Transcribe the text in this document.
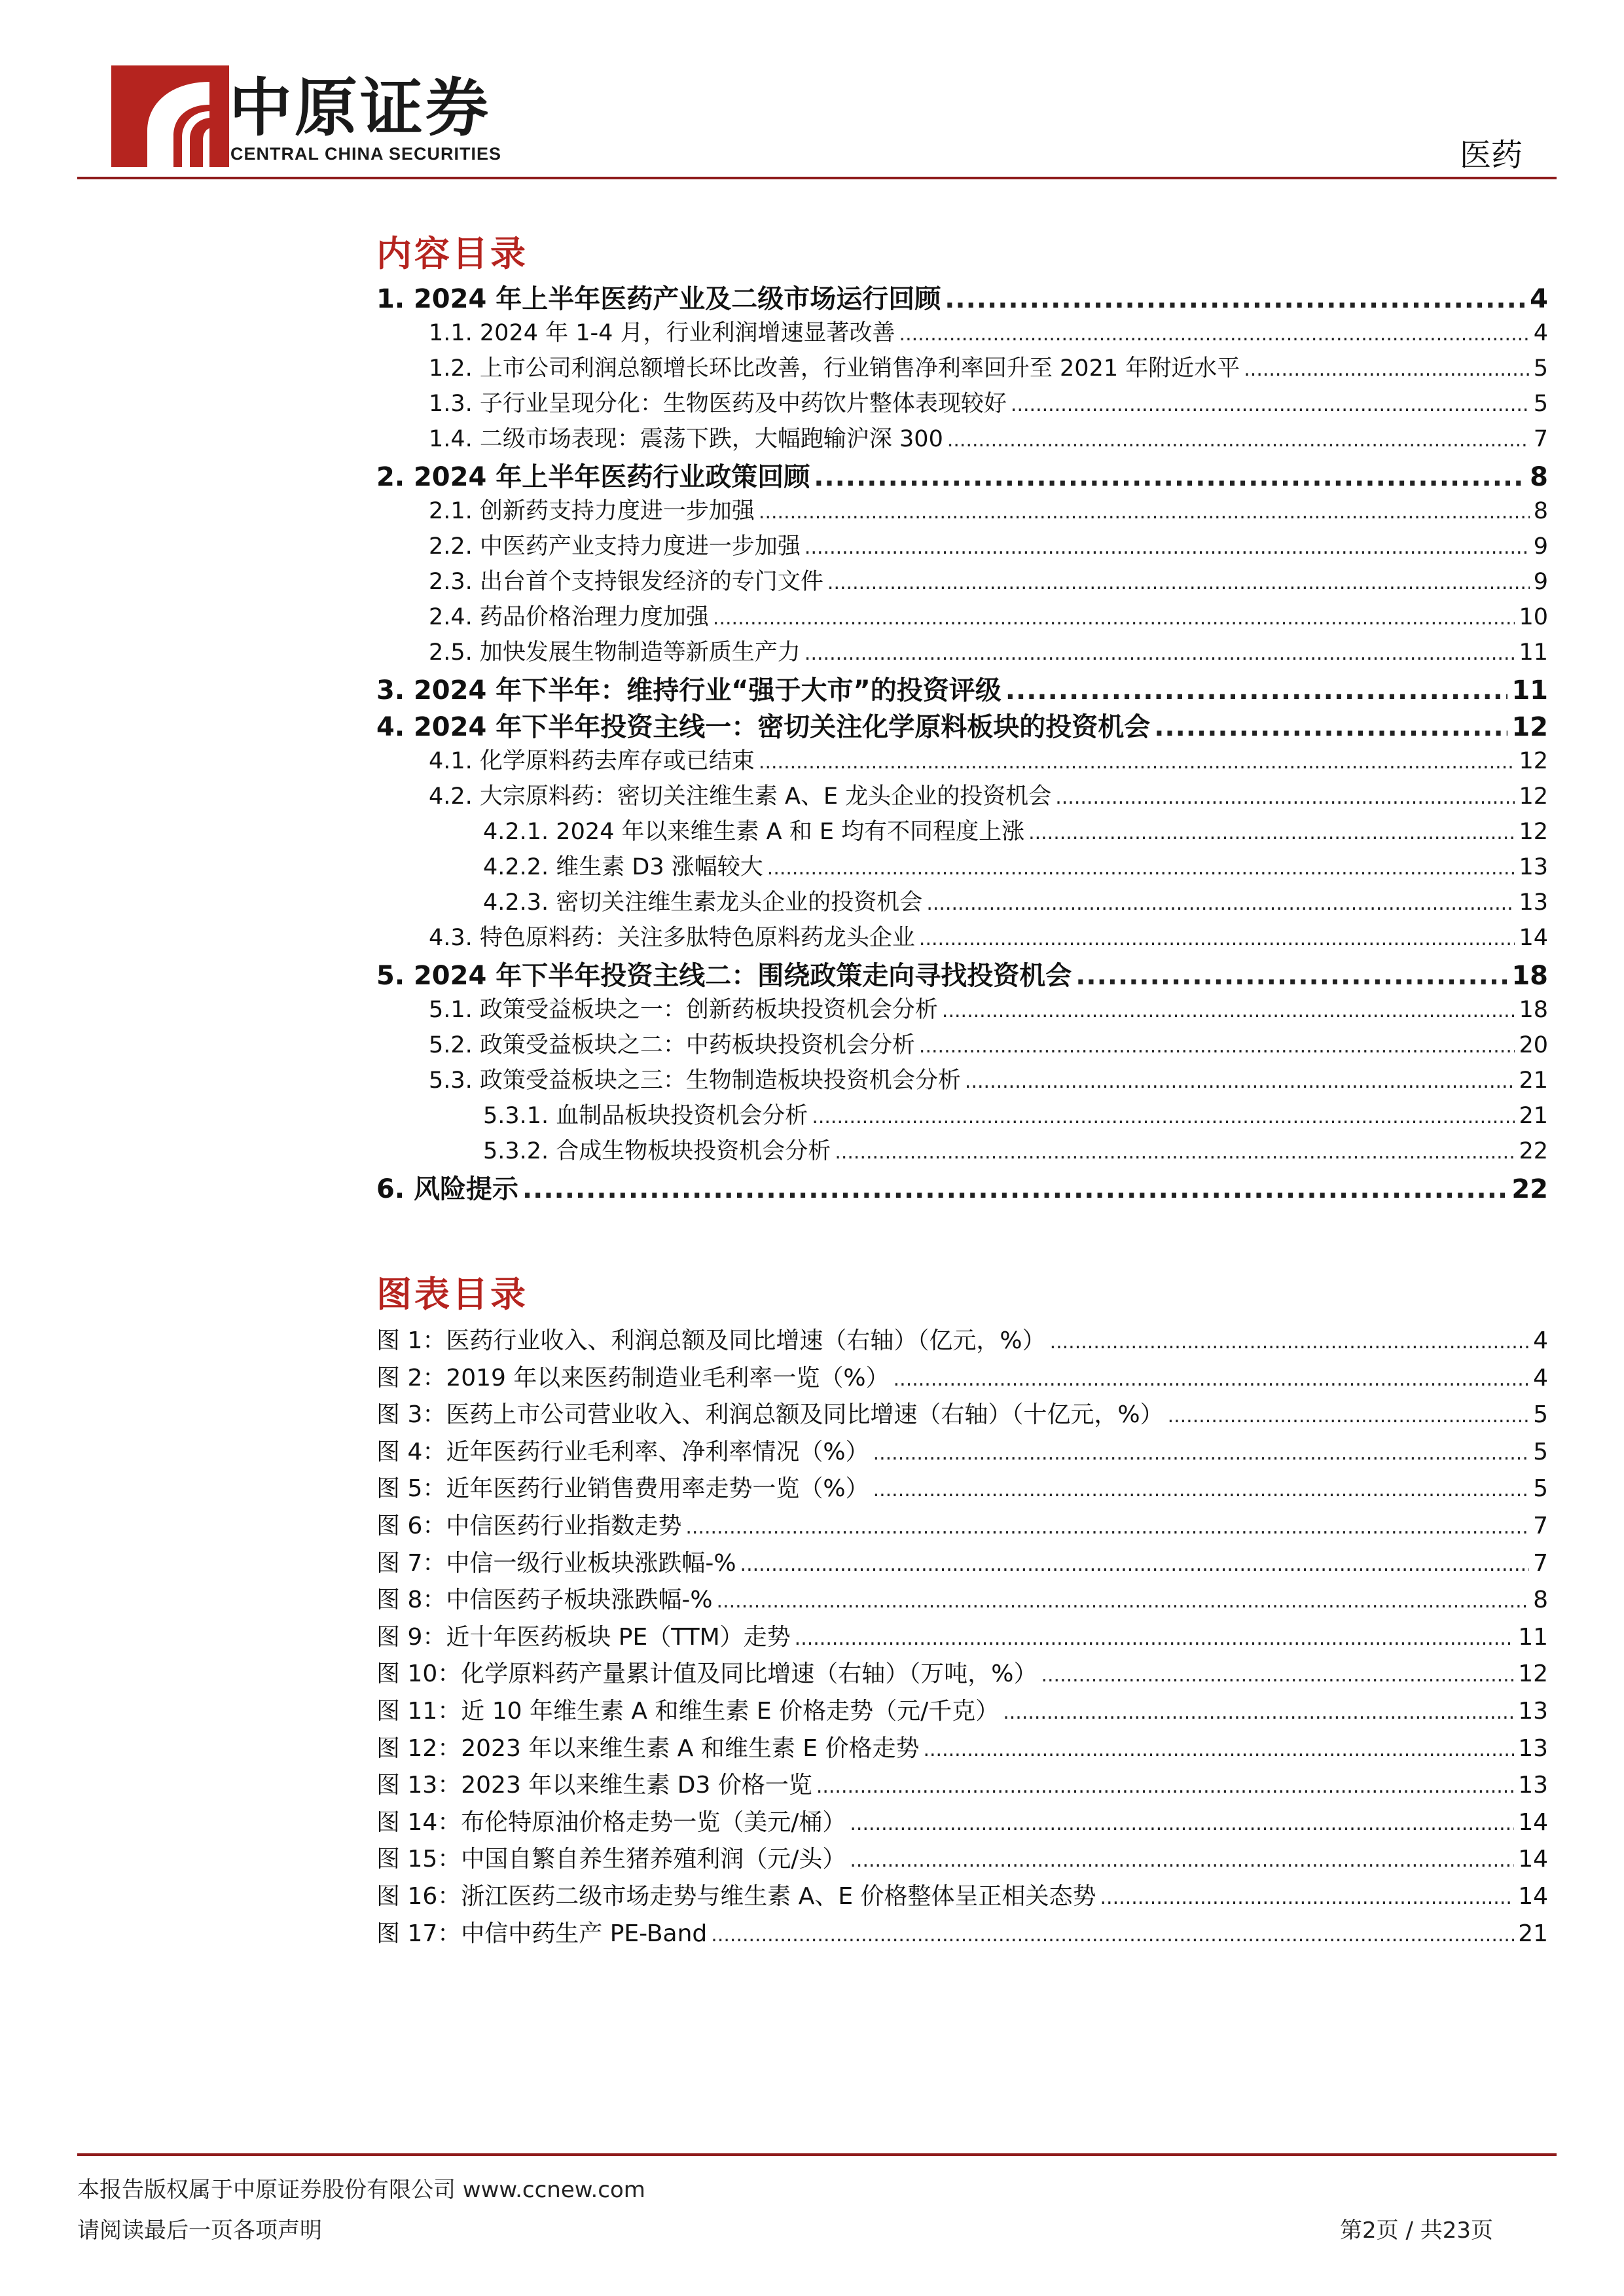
中原证券
CENTRAL CHINA SECURITIES	医药
内容目录
1. 2024 年上半年医药产业及二级市场运行回顾 .....	4
1.1. 2024 年 1-4 月，行业利润增速显著改善 .....	4
1.2. 上市公司利润总额增长环比改善，行业销售净利率回升至 2021 年附近水平 .....	5
1.3. 子行业呈现分化：生物医药及中药饮片整体表现较好 .....	5
1.4. 二级市场表现：震荡下跌，大幅跑输沪深 300 .....	7
2. 2024 年上半年医药行业政策回顾 .....	8
2.1. 创新药支持力度进一步加强 .....	8
2.2. 中医药产业支持力度进一步加强 .....	9
2.3. 出台首个支持银发经济的专门文件 .....	9
2.4. 药品价格治理力度加强 .....	10
2.5. 加快发展生物制造等新质生产力 .....	11
3. 2024 年下半年：维持行业“强于大市”的投资评级 .....	11
4. 2024 年下半年投资主线一：密切关注化学原料板块的投资机会 .....	12
4.1. 化学原料药去库存或已结束 .....	12
4.2. 大宗原料药：密切关注维生素 A、E 龙头企业的投资机会 .....	12
4.2.1. 2024 年以来维生素 A 和 E 均有不同程度上涨 .....	12
4.2.2. 维生素 D3 涨幅较大 .....	13
4.2.3. 密切关注维生素龙头企业的投资机会 .....	13
4.3. 特色原料药：关注多肽特色原料药龙头企业 .....	14
5. 2024 年下半年投资主线二：围绕政策走向寻找投资机会 .....	18
5.1. 政策受益板块之一：创新药板块投资机会分析 .....	18
5.2. 政策受益板块之二：中药板块投资机会分析 .....	20
5.3. 政策受益板块之三：生物制造板块投资机会分析 .....	21
5.3.1. 血制品板块投资机会分析 .....	21
5.3.2. 合成生物板块投资机会分析 .....	22
6. 风险提示 .....	22
图表目录
图 1：医药行业收入、利润总额及同比增速（右轴）（亿元，%） .....	4
图 2：2019 年以来医药制造业毛利率一览（%） .....	4
图 3：医药上市公司营业收入、利润总额及同比增速（右轴）（十亿元，%） .....	5
图 4：近年医药行业毛利率、净利率情况（%） .....	5
图 5：近年医药行业销售费用率走势一览（%） .....	5
图 6：中信医药行业指数走势 .....	7
图 7：中信一级行业板块涨跌幅-% .....	7
图 8：中信医药子板块涨跌幅-% .....	8
图 9：近十年医药板块 PE（TTM）走势 .....	11
图 10：化学原料药产量累计值及同比增速（右轴）（万吨，%） .....	12
图 11：近 10 年维生素 A 和维生素 E 价格走势（元/千克） .....	13
图 12：2023 年以来维生素 A 和维生素 E 价格走势 .....	13
图 13：2023 年以来维生素 D3 价格一览 .....	13
图 14：布伦特原油价格走势一览（美元/桶） .....	14
图 15：中国自繁自养生猪养殖利润（元/头） .....	14
图 16：浙江医药二级市场走势与维生素 A、E 价格整体呈正相关态势 .....	14
图 17：中信中药生产 PE-Band .....	21
本报告版权属于中原证券股份有限公司 www.ccnew.com
请阅读最后一页各项声明	第2页 / 共23页
